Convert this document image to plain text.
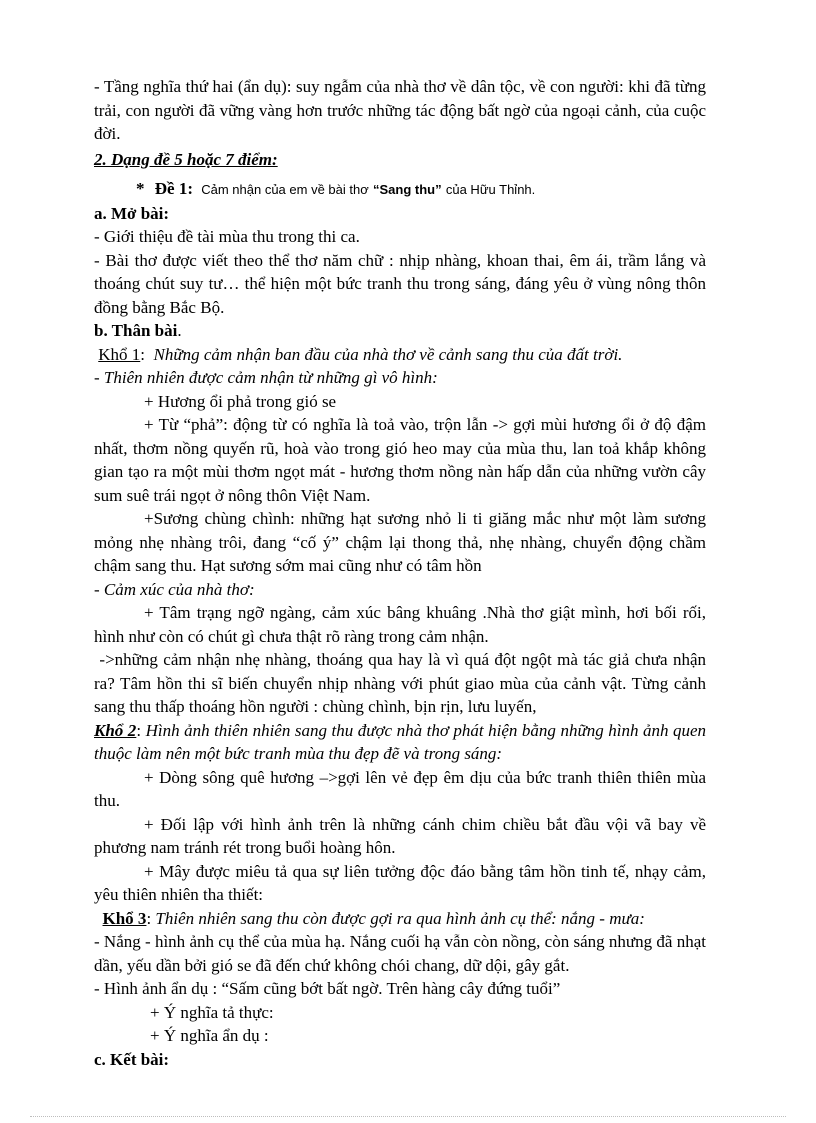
- Tầng nghĩa thứ hai (ẩn dụ): suy ngẫm của nhà thơ về dân tộc, về con người: khi đã từng trải, con người đã vững vàng hơn trước những tác động bất ngờ của ngoại cảnh, của cuộc đời.

2. Dạng đề 5 hoặc 7 điểm:

* Đề 1: Cảm nhận của em về bài thơ “Sang thu” của Hữu Thỉnh.

a. Mở bài:

- Giới thiệu đề tài mùa thu trong thi ca.

- Bài thơ được viết theo thể thơ năm chữ : nhịp nhàng, khoan thai, êm ái, trầm lắng và thoáng chút suy tư… thể hiện một bức tranh thu trong sáng, đáng yêu ở vùng nông thôn đồng bằng Bắc Bộ.

b. Thân bài.

Khổ 1: Những cảm nhận ban đầu của nhà thơ về cảnh sang thu của đất trời.

- Thiên nhiên được cảm nhận từ những gì vô hình:

+ Hương ổi phả trong gió se

+ Từ “phả”: động từ có nghĩa là toả vào, trộn lẫn -> gợi mùi hương ổi ở độ đậm nhất, thơm nồng quyến rũ, hoà vào trong gió heo may của mùa thu, lan toả khắp không gian tạo ra một mùi thơm ngọt mát - hương thơm nồng nàn hấp dẫn của những vườn cây sum suê trái ngọt ở nông thôn Việt Nam.

+Sương chùng chình: những hạt sương nhỏ li ti giăng mắc như một làm sương mỏng nhẹ nhàng trôi, đang “cố ý” chậm lại thong thả, nhẹ nhàng, chuyển động chầm chậm sang thu. Hạt sương sớm mai cũng như có tâm hồn

- Cảm xúc của nhà thơ:

+ Tâm trạng ngỡ ngàng, cảm xúc bâng khuâng .Nhà thơ giật mình, hơi bối rối, hình như còn có chút gì chưa thật rõ ràng trong cảm nhận.

->những cảm nhận nhẹ nhàng, thoáng qua hay là vì quá đột ngột mà tác giả chưa nhận ra? Tâm hồn thi sĩ biến chuyển nhịp nhàng với phút giao mùa của cảnh vật. Từng cảnh sang thu thấp thoáng hồn người : chùng chình, bịn rịn, lưu luyến,

Khổ 2: Hình ảnh thiên nhiên sang thu được nhà thơ phát hiện bằng những hình ảnh quen thuộc làm nên một bức tranh mùa thu đẹp đẽ và trong sáng:

+ Dòng sông quê hương –>gợi lên vẻ đẹp êm dịu của bức tranh thiên thiên mùa thu.

+ Đối lập với hình ảnh trên là những cánh chim chiều bắt đầu vội vã bay về phương nam tránh rét trong buổi hoàng hôn.

+ Mây được miêu tả qua sự liên tưởng độc đáo bằng tâm hồn tinh tế, nhạy cảm, yêu thiên nhiên tha thiết:

Khổ 3: Thiên nhiên sang thu còn được gợi ra qua hình ảnh cụ thể: nắng - mưa:

- Nắng - hình ảnh cụ thể của mùa hạ. Nắng cuối hạ vẫn còn nồng, còn sáng nhưng đã nhạt dần, yếu dần bởi gió se đã đến chứ không chói chang, dữ dội, gây gắt.

- Hình ảnh ẩn dụ : “Sấm cũng bớt bất ngờ. Trên hàng cây đứng tuổi”

+ Ý nghĩa tả thực:

+ Ý nghĩa ẩn dụ :

c. Kết bài:
